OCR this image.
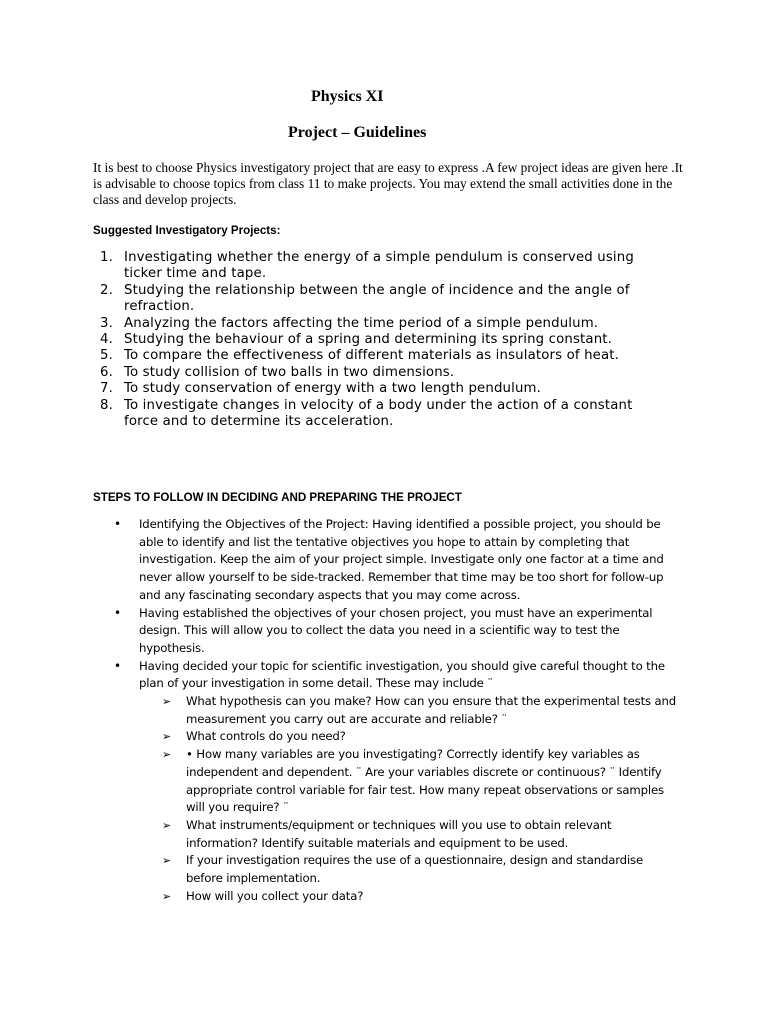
Physics XI
Project – Guidelines

It is best to choose Physics investigatory project that are easy to express .A few project ideas are given here .It is advisable to choose topics from class 11 to make projects. You may extend the small activities done in the class and develop projects.

Suggested Investigatory Projects:
1. Investigating whether the energy of a simple pendulum is conserved using ticker time and tape.
2. Studying the relationship between the angle of incidence and the angle of refraction.
3. Analyzing the factors affecting the time period of a simple pendulum.
4. Studying the behaviour of a spring and determining its spring constant.
5. To compare the effectiveness of different materials as insulators of heat.
6. To study collision of two balls in two dimensions.
7. To study conservation of energy with a two length pendulum.
8. To investigate changes in velocity of a body under the action of a constant force and to determine its acceleration.
STEPS TO FOLLOW IN DECIDING AND PREPARING THE PROJECT
• Identifying the Objectives of the Project: Having identified a possible project, you should be able to identify and list the tentative objectives you hope to attain by completing that investigation. Keep the aim of your project simple. Investigate only one factor at a time and never allow yourself to be side-tracked. Remember that time may be too short for follow-up and any fascinating secondary aspects that you may come across.
• Having established the objectives of your chosen project, you must have an experimental design. This will allow you to collect the data you need in a scientific way to test the hypothesis.
• Having decided your topic for scientific investigation, you should give careful thought to the plan of your investigation in some detail. These may include ¨
➢ What hypothesis can you make? How can you ensure that the experimental tests and measurement you carry out are accurate and reliable? ¨
➢ What controls do you need?
➢ • How many variables are you investigating? Correctly identify key variables as independent and dependent. ¨ Are your variables discrete or continuous? ¨ Identify appropriate control variable for fair test. How many repeat observations or samples will you require? ¨
➢ What instruments/equipment or techniques will you use to obtain relevant information? Identify suitable materials and equipment to be used.
➢ If your investigation requires the use of a questionnaire, design and standardise before implementation.
➢ How will you collect your data?
